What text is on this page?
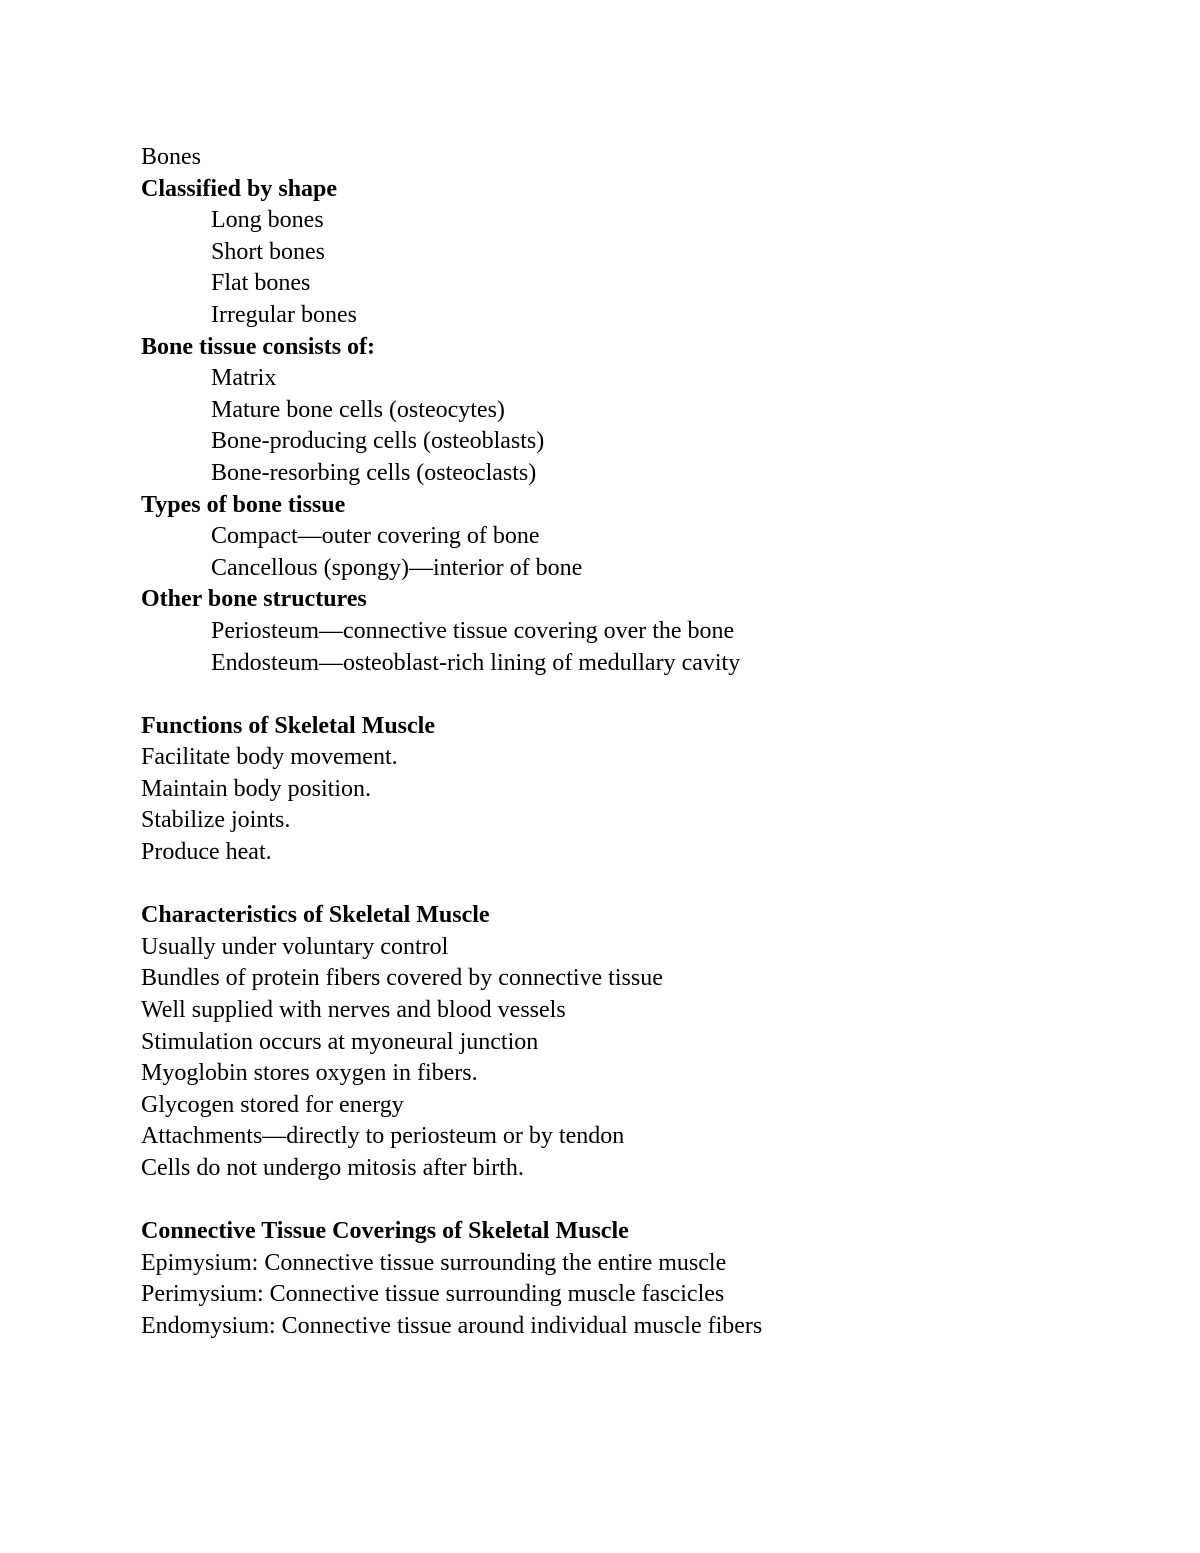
Bones
Classified by shape
Long bones
Short bones
Flat bones
Irregular bones
Bone tissue consists of:
Matrix
Mature bone cells (osteocytes)
Bone-producing cells (osteoblasts)
Bone-resorbing cells (osteoclasts)
Types of bone tissue
Compact—outer covering of bone
Cancellous (spongy)—interior of bone
Other bone structures
Periosteum—connective tissue covering over the bone
Endosteum—osteoblast-rich lining of medullary cavity
Functions of Skeletal Muscle
Facilitate body movement.
Maintain body position.
Stabilize joints.
Produce heat.
Characteristics of Skeletal Muscle
Usually under voluntary control
Bundles of protein fibers covered by connective tissue
Well supplied with nerves and blood vessels
Stimulation occurs at myoneural junction
Myoglobin stores oxygen in fibers.
Glycogen stored for energy
Attachments—directly to periosteum or by tendon
Cells do not undergo mitosis after birth.
Connective Tissue Coverings of Skeletal Muscle
Epimysium: Connective tissue surrounding the entire muscle
Perimysium: Connective tissue surrounding muscle fascicles
Endomysium: Connective tissue around individual muscle fibers
